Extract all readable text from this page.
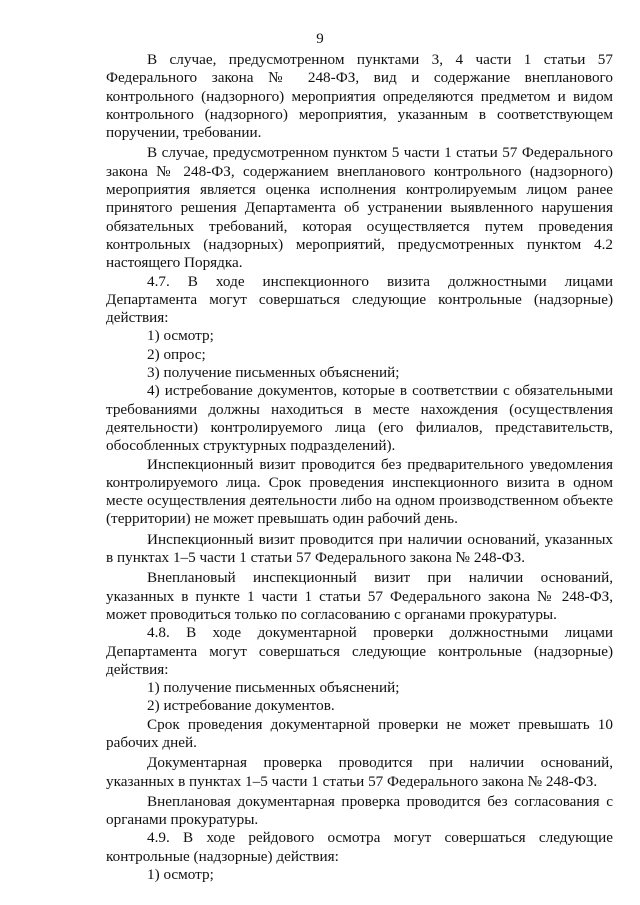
9

В случае, предусмотренном пунктами 3, 4 части 1 статьи 57 Федерального закона № 248-ФЗ, вид и содержание внепланового контрольного (надзорного) мероприятия определяются предметом и видом контрольного (надзорного) мероприятия, указанным в соответствующем поручении, требовании.

В случае, предусмотренном пунктом 5 части 1 статьи 57 Федерального закона № 248-ФЗ, содержанием внепланового контрольного (надзорного) мероприятия является оценка исполнения контролируемым лицом ранее принятого решения Департамента об устранении выявленного нарушения обязательных требований, которая осуществляется путем проведения контрольных (надзорных) мероприятий, предусмотренных пунктом 4.2 настоящего Порядка.

4.7. В ходе инспекционного визита должностными лицами Департамента могут совершаться следующие контрольные (надзорные) действия:

1) осмотр;

2) опрос;

3) получение письменных объяснений;

4) истребование документов, которые в соответствии с обязательными требованиями должны находиться в месте нахождения (осуществления деятельности) контролируемого лица (его филиалов, представительств, обособленных структурных подразделений).

Инспекционный визит проводится без предварительного уведомления контролируемого лица. Срок проведения инспекционного визита в одном месте осуществления деятельности либо на одном производственном объекте (территории) не может превышать один рабочий день.

Инспекционный визит проводится при наличии оснований, указанных в пунктах 1–5 части 1 статьи 57 Федерального закона № 248-ФЗ.

Внеплановый инспекционный визит при наличии оснований, указанных в пункте 1 части 1 статьи 57 Федерального закона № 248-ФЗ, может проводиться только по согласованию с органами прокуратуры.

4.8. В ходе документарной проверки должностными лицами Департамента могут совершаться следующие контрольные (надзорные) действия:

1) получение письменных объяснений;

2) истребование документов.

Срок проведения документарной проверки не может превышать 10 рабочих дней.

Документарная проверка проводится при наличии оснований, указанных в пунктах 1–5 части 1 статьи 57 Федерального закона № 248-ФЗ.

Внеплановая документарная проверка проводится без согласования с органами прокуратуры.

4.9. В ходе рейдового осмотра могут совершаться следующие контрольные (надзорные) действия:

1) осмотр;
